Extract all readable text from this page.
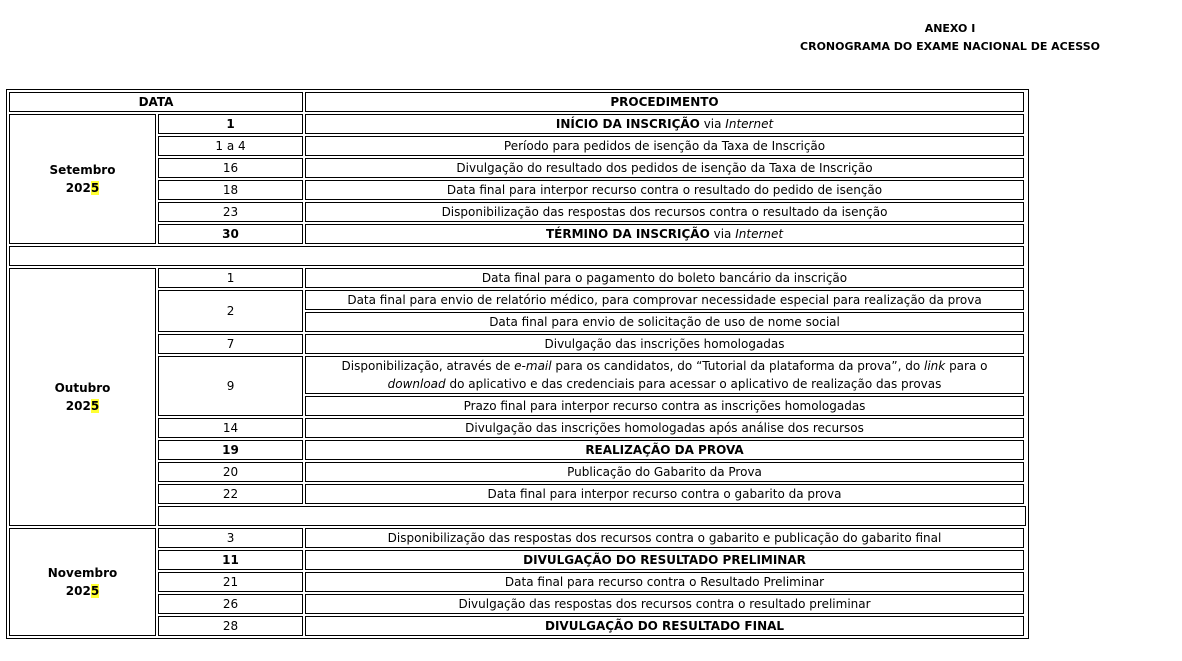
ANEXO I
CRONOGRAMA DO EXAME NACIONAL DE ACESSO
DATA		PROCEDIMENTO
Setembro
2025	1	INÍCIO DA INSCRIÇÃO via Internet
	1 a 4	Período para pedidos de isenção da Taxa de Inscrição
	16	Divulgação do resultado dos pedidos de isenção da Taxa de Inscrição
	18	Data final para interpor recurso contra o resultado do pedido de isenção
	23	Disponibilização das respostas dos recursos contra o resultado da isenção
	30	TÉRMINO DA INSCRIÇÃO via Internet

Outubro
2025	1	Data final para o pagamento do boleto bancário da inscrição
	2	Data final para envio de relatório médico, para comprovar necessidade especial para realização da prova
		Data final para envio de solicitação de uso de nome social
	7	Divulgação das inscrições homologadas
	9	Disponibilização, através de e-mail para os candidatos, do “Tutorial da plataforma da prova”, do link para o download do aplicativo e das credenciais para acessar o aplicativo de realização das provas
		Prazo final para interpor recurso contra as inscrições homologadas
	14	Divulgação das inscrições homologadas após análise dos recursos
	19	REALIZAÇÃO DA PROVA
	20	Publicação do Gabarito da Prova
	22	Data final para interpor recurso contra o gabarito da prova

Novembro
2025	3	Disponibilização das respostas dos recursos contra o gabarito e publicação do gabarito final
	11	DIVULGAÇÃO DO RESULTADO PRELIMINAR
	21	Data final para recurso contra o Resultado Preliminar
	26	Divulgação das respostas dos recursos contra o resultado preliminar
	28	DIVULGAÇÃO DO RESULTADO FINAL
